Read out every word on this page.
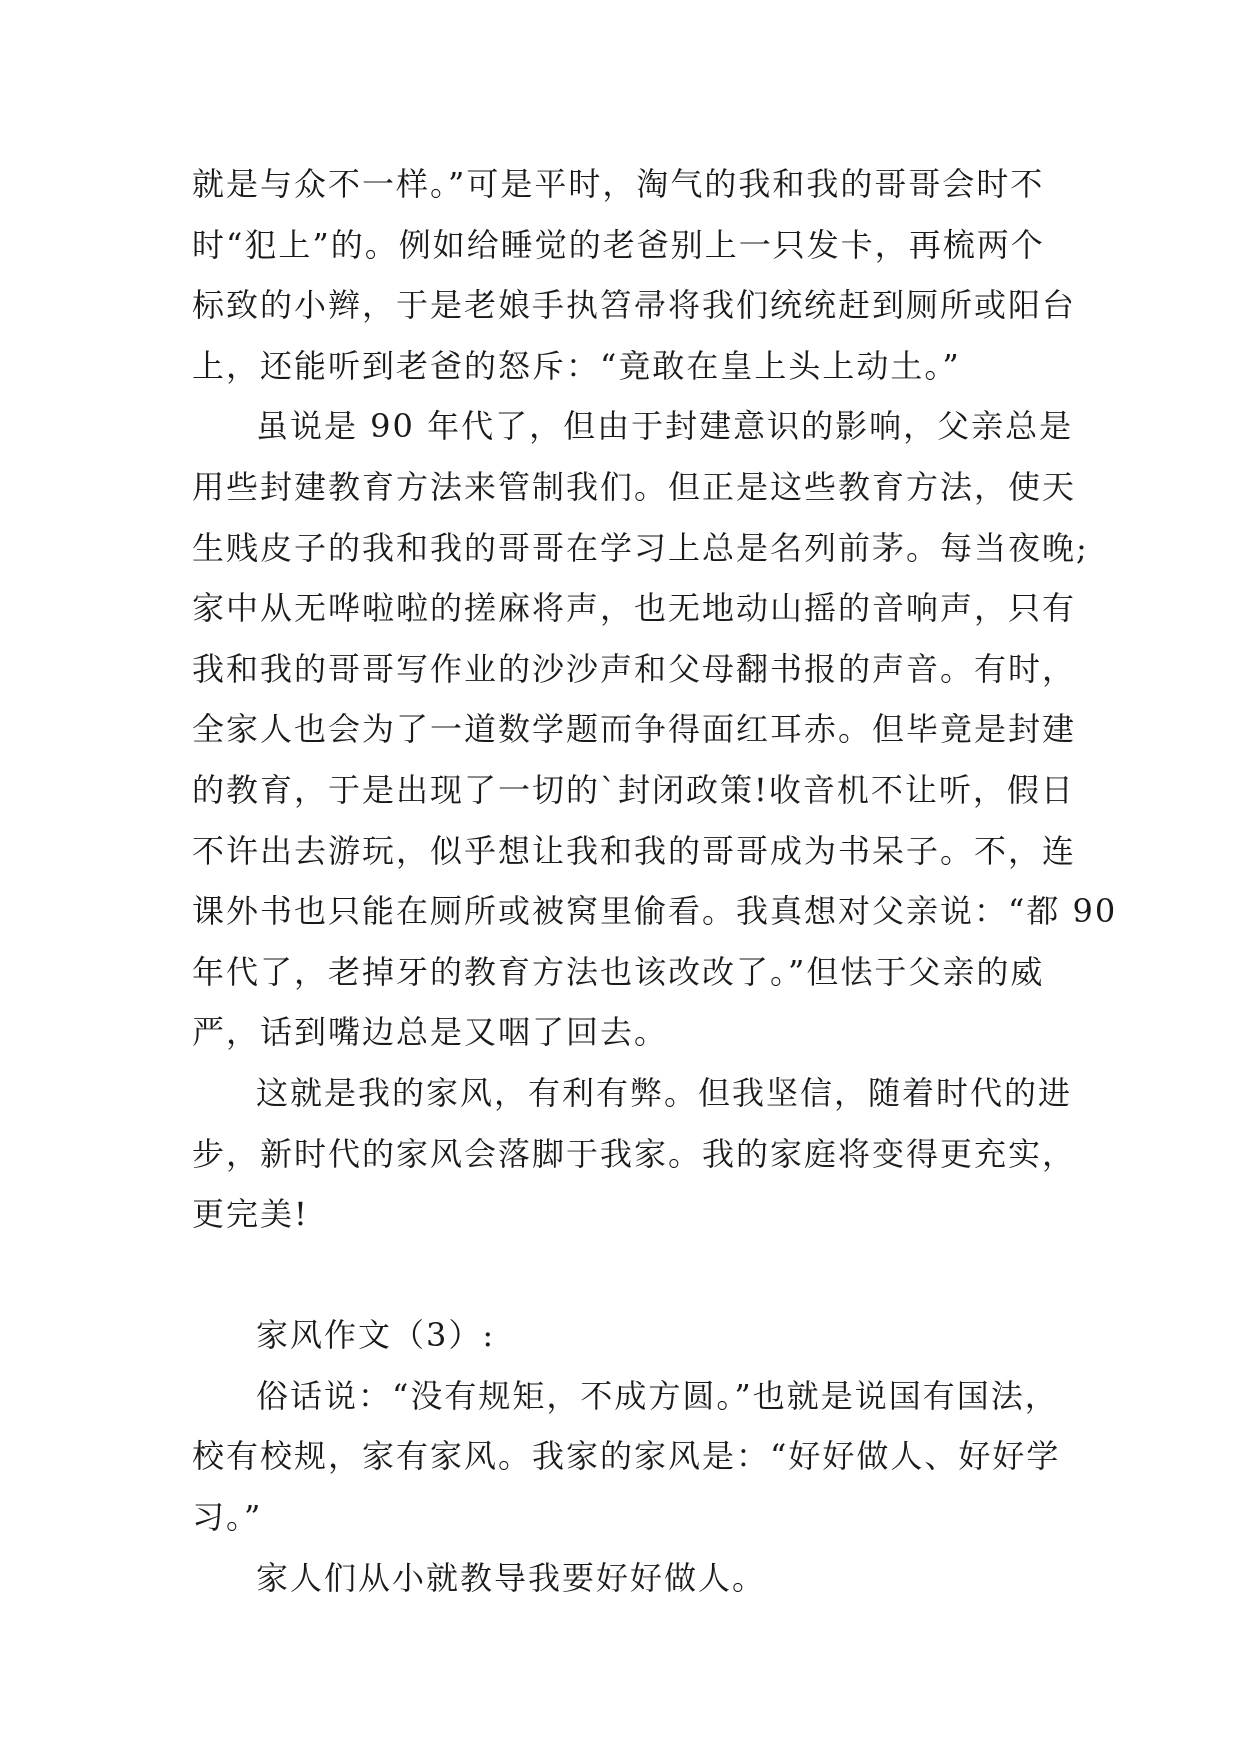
就是与众不一样。”可是平时，淘气的我和我的哥哥会时不
时“犯上”的。例如给睡觉的老爸别上一只发卡，再梳两个
标致的小辫，于是老娘手执笤帚将我们统统赶到厕所或阳台
上，还能听到老爸的怒斥：“竟敢在皇上头上动土。”
虽说是 90 年代了，但由于封建意识的影响，父亲总是
用些封建教育方法来管制我们。但正是这些教育方法，使天
生贱皮子的我和我的哥哥在学习上总是名列前茅。每当夜晚;
家中从无哗啦啦的搓麻将声，也无地动山摇的音响声，只有
我和我的哥哥写作业的沙沙声和父母翻书报的声音。有时，
全家人也会为了一道数学题而争得面红耳赤。但毕竟是封建
的教育，于是出现了一切的`封闭政策!收音机不让听，假日
不许出去游玩，似乎想让我和我的哥哥成为书呆子。不，连
课外书也只能在厕所或被窝里偷看。我真想对父亲说：“都 90
年代了，老掉牙的教育方法也该改改了。”但怯于父亲的威
严，话到嘴边总是又咽了回去。
这就是我的家风，有利有弊。但我坚信，随着时代的进
步，新时代的家风会落脚于我家。我的家庭将变得更充实，
更完美!
家风作文（3）:
俗话说：“没有规矩，不成方圆。”也就是说国有国法，
校有校规，家有家风。我家的家风是：“好好做人、好好学
习。”
家人们从小就教导我要好好做人。
